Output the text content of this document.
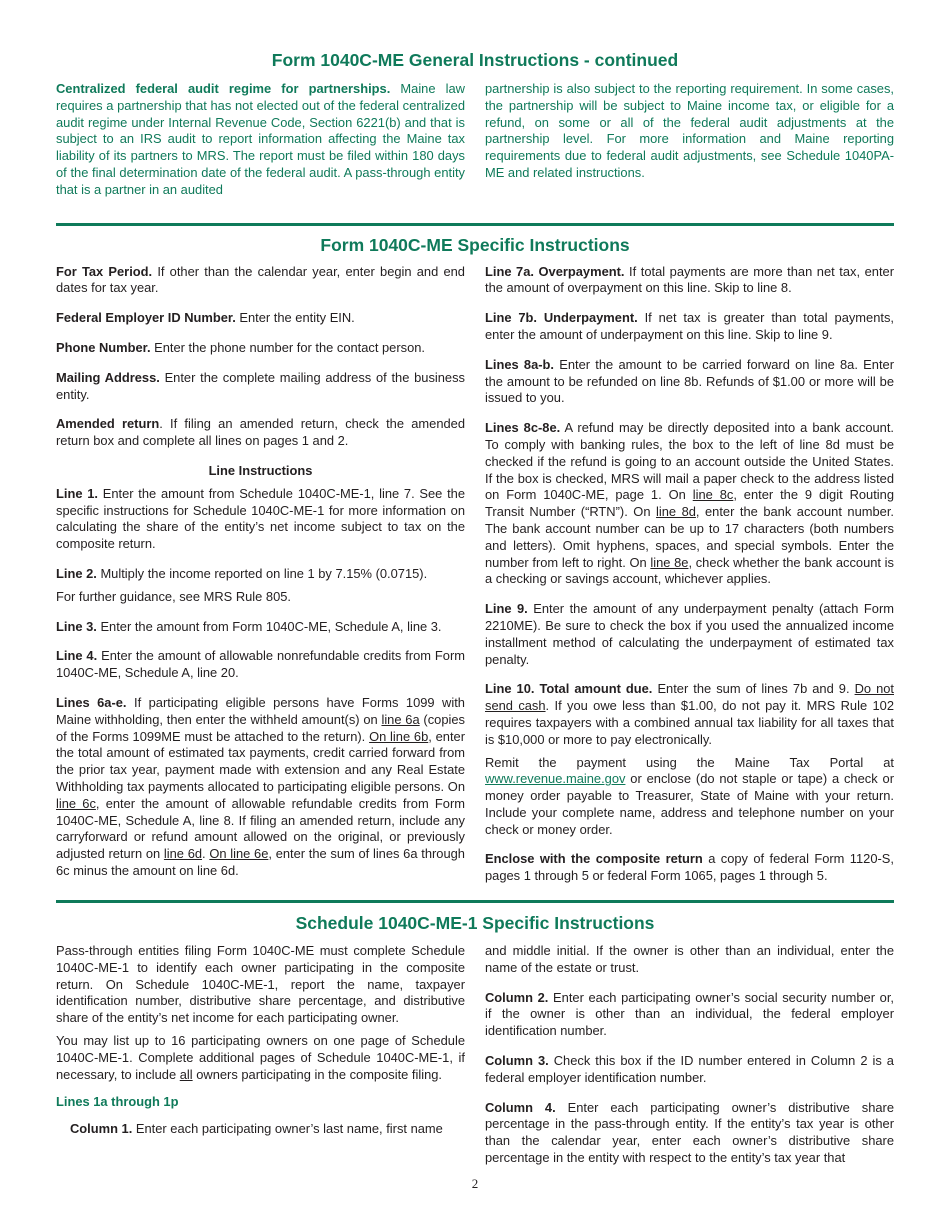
Form 1040C-ME General Instructions - continued

Centralized federal audit regime for partnerships. Maine law requires a partnership that has not elected out of the federal centralized audit regime under Internal Revenue Code, Section 6221(b) and that is subject to an IRS audit to report information affecting the Maine tax liability of its partners to MRS. The report must be filed within 180 days of the final determination date of the federal audit. A pass-through entity that is a partner in an audited

partnership is also subject to the reporting requirement. In some cases, the partnership will be subject to Maine income tax, or eligible for a refund, on some or all of the federal audit adjustments at the partnership level. For more information and Maine reporting requirements due to federal audit adjustments, see Schedule 1040PA-ME and related instructions.

Form 1040C-ME Specific Instructions

For Tax Period. If other than the calendar year, enter begin and end dates for tax year.

Federal Employer ID Number. Enter the entity EIN.

Phone Number. Enter the phone number for the contact person.

Mailing Address. Enter the complete mailing address of the business entity.

Amended return. If filing an amended return, check the amended return box and complete all lines on pages 1 and 2.

Line Instructions

Line 1. Enter the amount from Schedule 1040C-ME-1, line 7. See the specific instructions for Schedule 1040C-ME-1 for more information on calculating the share of the entity’s net income subject to tax on the composite return.

Line 2. Multiply the income reported on line 1 by 7.15% (0.0715).

For further guidance, see MRS Rule 805.

Line 3. Enter the amount from Form 1040C-ME, Schedule A, line 3.

Line 4. Enter the amount of allowable nonrefundable credits from Form 1040C-ME, Schedule A, line 20.

Lines 6a-e. If participating eligible persons have Forms 1099 with Maine withholding, then enter the withheld amount(s) on line 6a (copies of the Forms 1099ME must be attached to the return). On line 6b, enter the total amount of estimated tax payments, credit carried forward from the prior tax year, payment made with extension and any Real Estate Withholding tax payments allocated to participating eligible persons. On line 6c, enter the amount of allowable refundable credits from Form 1040C-ME, Schedule A, line 8. If filing an amended return, include any carryforward or refund amount allowed on the original, or previously adjusted return on line 6d. On line 6e, enter the sum of lines 6a through 6c minus the amount on line 6d.

Line 7a. Overpayment. If total payments are more than net tax, enter the amount of overpayment on this line. Skip to line 8.

Line 7b. Underpayment. If net tax is greater than total payments, enter the amount of underpayment on this line. Skip to line 9.

Lines 8a-b. Enter the amount to be carried forward on line 8a. Enter the amount to be refunded on line 8b. Refunds of $1.00 or more will be issued to you.

Lines 8c-8e. A refund may be directly deposited into a bank account. To comply with banking rules, the box to the left of line 8d must be checked if the refund is going to an account outside the United States. If the box is checked, MRS will mail a paper check to the address listed on Form 1040C-ME, page 1. On line 8c, enter the 9 digit Routing Transit Number (“RTN”). On line 8d, enter the bank account number. The bank account number can be up to 17 characters (both numbers and letters). Omit hyphens, spaces, and special symbols. Enter the number from left to right. On line 8e, check whether the bank account is a checking or savings account, whichever applies.

Line 9. Enter the amount of any underpayment penalty (attach Form 2210ME). Be sure to check the box if you used the annualized income installment method of calculating the underpayment of estimated tax penalty.

Line 10. Total amount due. Enter the sum of lines 7b and 9. Do not send cash. If you owe less than $1.00, do not pay it. MRS Rule 102 requires taxpayers with a combined annual tax liability for all taxes that is $10,000 or more to pay electronically.

Remit the payment using the Maine Tax Portal at www.revenue.maine.gov or enclose (do not staple or tape) a check or money order payable to Treasurer, State of Maine with your return. Include your complete name, address and telephone number on your check or money order.

Enclose with the composite return a copy of federal Form 1120-S, pages 1 through 5 or federal Form 1065, pages 1 through 5.

Schedule 1040C-ME-1 Specific Instructions

Pass-through entities filing Form 1040C-ME must complete Schedule 1040C-ME-1 to identify each owner participating in the composite return. On Schedule 1040C-ME-1, report the name, taxpayer identification number, distributive share percentage, and distributive share of the entity’s net income for each participating owner.

You may list up to 16 participating owners on one page of Schedule 1040C-ME-1. Complete additional pages of Schedule 1040C-ME-1, if necessary, to include all owners participating in the composite filing.

Lines 1a through 1p

Column 1. Enter each participating owner’s last name, first name

and middle initial. If the owner is other than an individual, enter the name of the estate or trust.

Column 2. Enter each participating owner’s social security number or, if the owner is other than an individual, the federal employer identification number.

Column 3. Check this box if the ID number entered in Column 2 is a federal employer identification number.

Column 4. Enter each participating owner’s distributive share percentage in the pass-through entity. If the entity’s tax year is other than the calendar year, enter each owner’s distributive share percentage in the entity with respect to the entity’s tax year that

2
